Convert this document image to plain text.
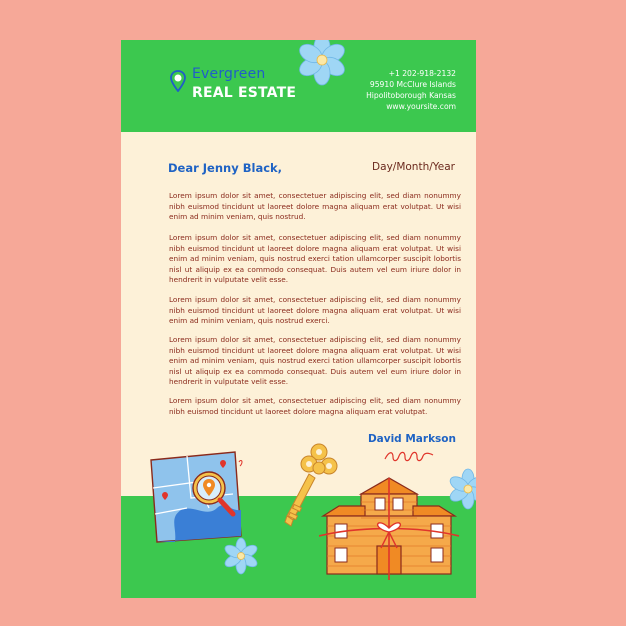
Evergreen
REAL ESTATE
+1 202-918-2132
95910 McClure Islands
Hipolitoborough Kansas
www.yoursite.com
Dear Jenny Black,	Day/Month/Year

Lorem ipsum dolor sit amet, consectetuer adipiscing elit, sed diam nonummy nibh euismod tincidunt ut laoreet dolore magna aliquam erat volutpat. Ut wisi enim ad minim veniam, quis nostrud.

Lorem ipsum dolor sit amet, consectetuer adipiscing elit, sed diam nonummy nibh euismod tincidunt ut laoreet dolore magna aliquam erat volutpat. Ut wisi enim ad minim veniam, quis nostrud exerci tation ullamcorper suscipit lobortis nisl ut aliquip ex ea commodo consequat. Duis autem vel eum iriure dolor in hendrerit in vulputate velit esse.

Lorem ipsum dolor sit amet, consectetuer adipiscing elit, sed diam nonummy nibh euismod tincidunt ut laoreet dolore magna aliquam erat volutpat. Ut wisi enim ad minim veniam, quis nostrud exerci.

Lorem ipsum dolor sit amet, consectetuer adipiscing elit, sed diam nonummy nibh euismod tincidunt ut laoreet dolore magna aliquam erat volutpat. Ut wisi enim ad minim veniam, quis nostrud exerci tation ullamcorper suscipit lobortis nisl ut aliquip ex ea commodo consequat. Duis autem vel eum iriure dolor in hendrerit in vulputate velit esse.

Lorem ipsum dolor sit amet, consectetuer adipiscing elit, sed diam nonummy nibh euismod tincidunt ut laoreet dolore magna aliquam erat volutpat.

David Markson
